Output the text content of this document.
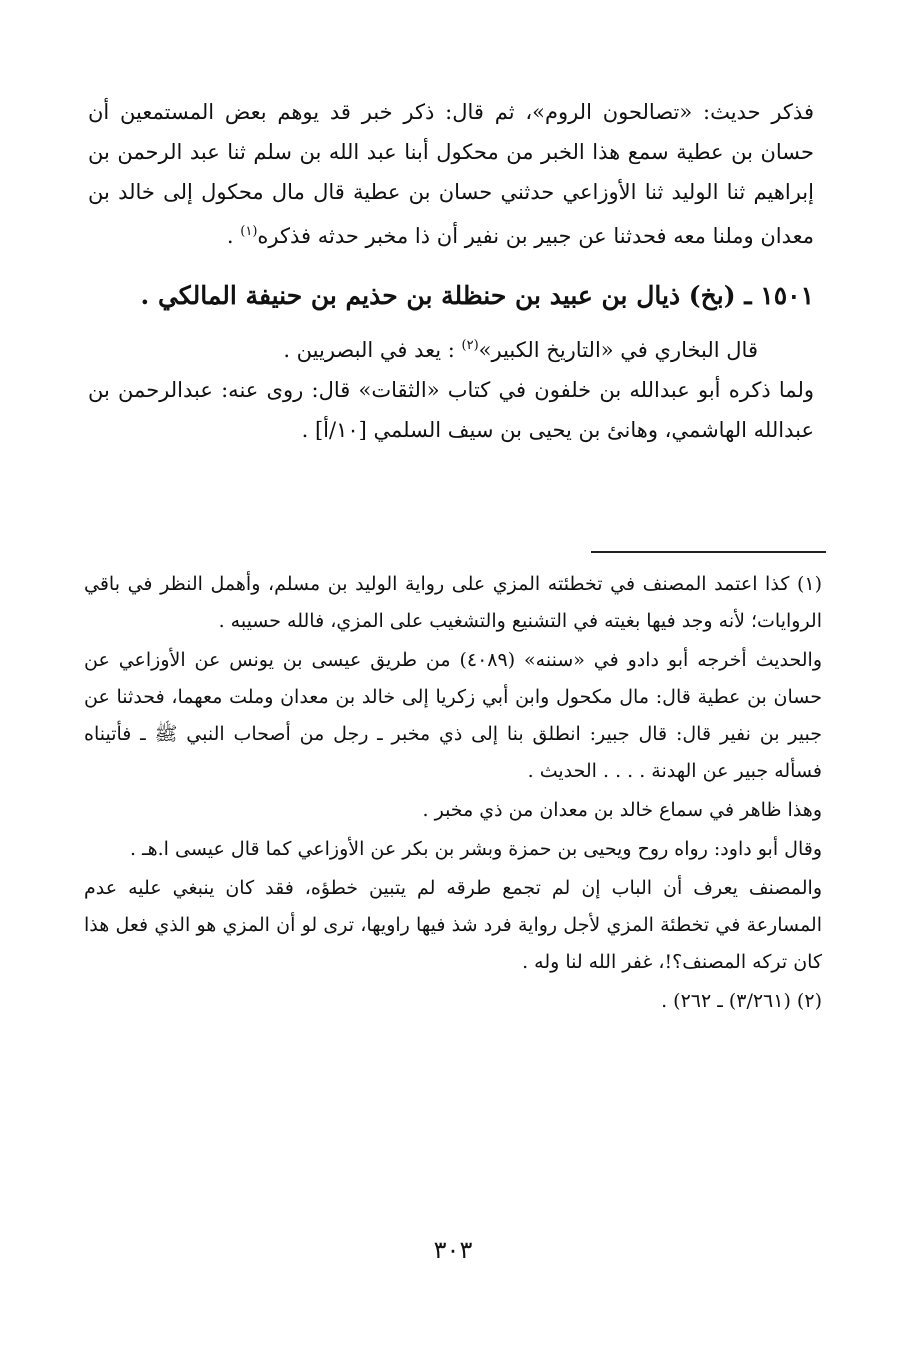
فذكر حديث: «تصالحون الروم»، ثم قال: ذكر خبر قد يوهم بعض المستمعين أن حسان بن عطية سمع هذا الخبر من محكول أبنا عبد الله بن سلم ثنا عبد الرحمن بن إبراهيم ثنا الوليد ثنا الأوزاعي حدثني حسان بن عطية قال مال محكول إلى خالد بن معدان وملنا معه فحدثنا عن جبير بن نفير أن ذا مخبر حدثه فذكره$^{(١)}$ .

١٥٠١ ـ (بخ) ذيال بن عبيد بن حنظلة بن حذيم بن حنيفة المالكي .

قال البخاري في «التاريخ الكبير»$^{(٢)}$ : يعد في البصريين .

ولما ذكره أبو عبدالله بن خلفون في كتاب «الثقات» قال: روى عنه: عبدالرحمن بن عبدالله الهاشمي، وهانئ بن يحيى بن سيف السلمي [١٠/أ] .

(١) كذا اعتمد المصنف في تخطئته المزي على رواية الوليد بن مسلم، وأهمل النظر في باقي الروايات؛ لأنه وجد فيها بغيته في التشنيع والتشغيب على المزي، فالله حسيبه .

والحديث أخرجه أبو دادو في «سننه» (٤٠٨٩) من طريق عيسى بن يونس عن الأوزاعي عن حسان بن عطية قال: مال مكحول وابن أبي زكريا إلى خالد بن معدان وملت معهما، فحدثنا عن جبير بن نفير قال: قال جبير: انطلق بنا إلى ذي مخبر ـ رجل من أصحاب النبي ﷺ ـ فأتيناه فسأله جبير عن الهدنة . . . . الحديث .

وهذا ظاهر في سماع خالد بن معدان من ذي مخبر .

وقال أبو داود: رواه روح ويحيى بن حمزة وبشر بن بكر عن الأوزاعي كما قال عيسى ا.هـ .

والمصنف يعرف أن الباب إن لم تجمع طرقه لم يتبين خطؤه، فقد كان ينبغي عليه عدم المسارعة في تخطئة المزي لأجل رواية فرد شذ فيها راويها، ترى لو أن المزي هو الذي فعل هذا كان تركه المصنف؟!، غفر الله لنا وله .

(٢) (٣/٢٦١) ـ ٢٦٢) .

٣٠٣
